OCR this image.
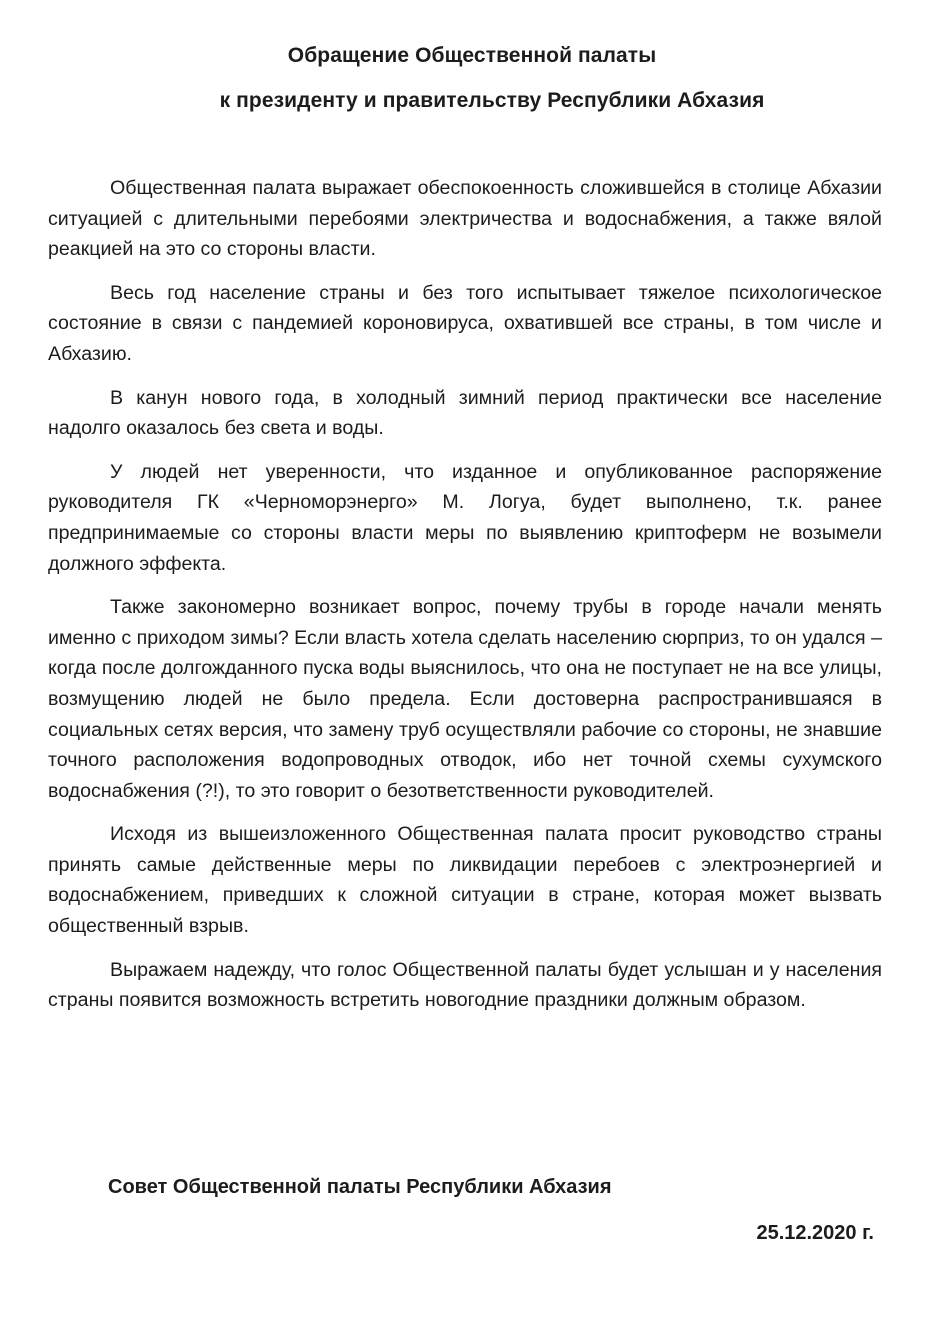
Обращение Общественной палаты
к президенту и правительству Республики Абхазия

Общественная палата выражает обеспокоенность сложившейся в столице Абхазии ситуацией с длительными перебоями электричества и водоснабжения, а также вялой реакцией на это со стороны власти.

Весь год население страны и без того испытывает тяжелое психологическое состояние в связи с пандемией короновируса, охватившей все страны, в том числе и Абхазию.

В канун нового года, в холодный зимний период практически все население надолго оказалось без света и воды.

У людей нет уверенности, что изданное и опубликованное распоряжение руководителя ГК «Черноморэнерго» М. Логуа, будет выполнено, т.к. ранее предпринимаемые со стороны власти меры по выявлению криптоферм не возымели должного эффекта.

Также закономерно возникает вопрос, почему трубы в городе начали менять именно с приходом зимы? Если власть хотела сделать населению сюрприз, то он удался – когда после долгожданного пуска воды выяснилось, что она не поступает не на все улицы, возмущению людей не было предела. Если достоверна распространившаяся в социальных сетях версия, что замену труб осуществляли рабочие со стороны, не знавшие точного расположения водопроводных отводок, ибо нет точной схемы сухумского водоснабжения (?!), то это говорит о безответственности руководителей.

Исходя из вышеизложенного Общественная палата просит руководство страны принять самые действенные меры по ликвидации перебоев с электроэнергией и водоснабжением, приведших к сложной ситуации в стране, которая может вызвать общественный взрыв.

Выражаем надежду, что голос Общественной палаты будет услышан и у населения страны появится возможность встретить новогодние праздники должным образом.

Совет Общественной палаты Республики Абхазия
25.12.2020 г.
